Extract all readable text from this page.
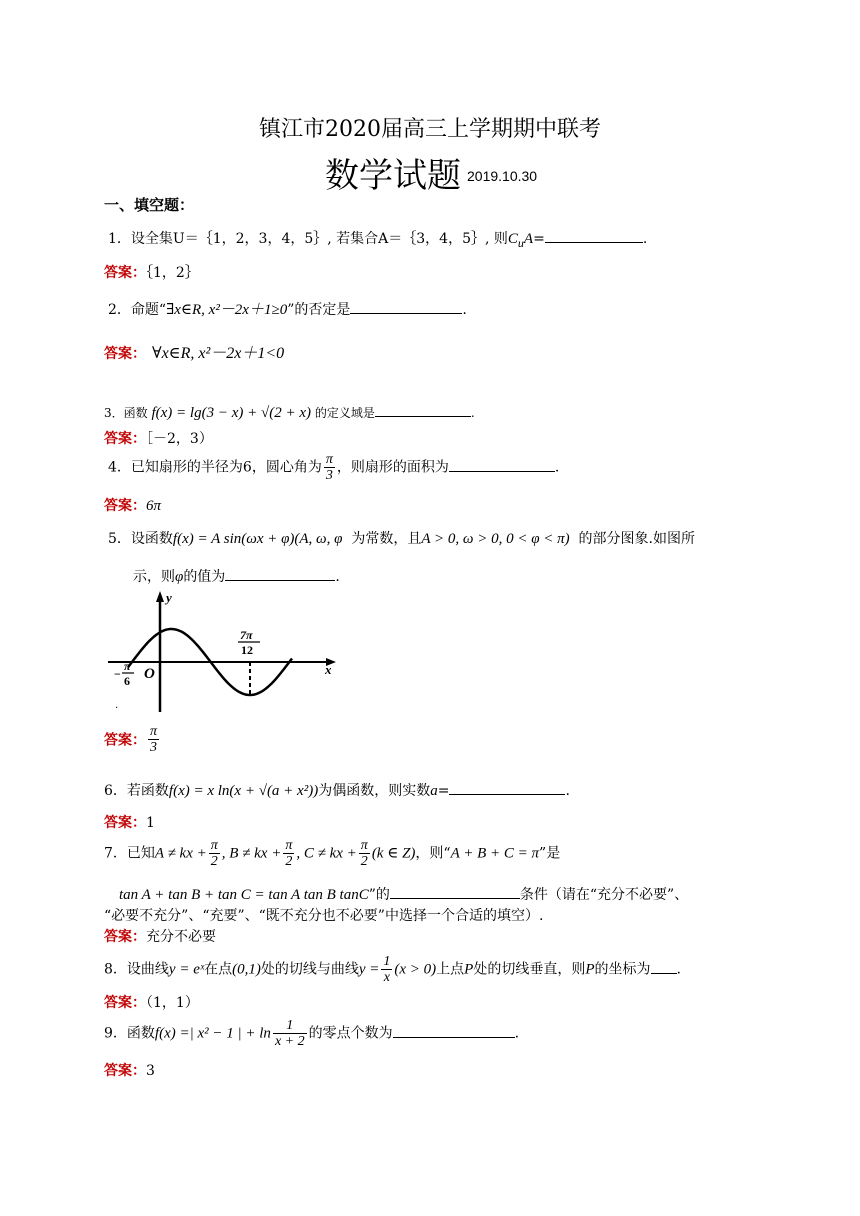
镇江市2020届高三上学期期中联考
数学试题 2019.10.30
一、填空题：
1．设全集U＝｛1，2，3，4，5｝, 若集合A＝｛3，4，5｝, 则$C_uA=$	.
答案：｛1，2｝
2．命题“∃x∈R, x²－2x＋1≥0”的否定是	.
答案： ∀x∈R, x²－2x＋1<0
3．函数 f(x) = lg(3 − x) + √(2 + x) 的定义域是	.
答案：［－2，3）
4．已知扇形的半径为6，圆心角为 $\frac{\pi}{3}$ ，则扇形的面积为	.
答案：6π
5．设函数f(x) = A sin(ωx + φ)(A, ω, φ 为常数，且A > 0, ω > 0, 0 < φ < π) 的部分图象.如图所
示，则φ的值为	.
y
x
O
−
π
6
7π
12
.
答案： $\frac{\pi}{3}$
6．若函数f(x) = x ln(x + √(a + x²))为偶函数，则实数a=	.
答案：1
7．已知A ≠ kx + $\frac{\pi}{2}$ , B ≠ kx + $\frac{\pi}{2}$ , C ≠ kx + $\frac{\pi}{2} (k$ ∈ Z)，则“A + B + C = π”是
tan A + tan B + tan C = tan A tan B tanC”的	条件（请在“充分不必要”、
“必要不充分”、“充要”、“既不充分也不必要”中选择一个合适的填空）.
答案：充分不必要
8．设曲线y = eˣ在点(0,1)处的切线与曲线$y = \frac{1}{x} (x > 0)$上点P处的切线垂直，则P的坐标为 .
答案：（1，1）
9．函数f(x) =| x² − 1 | + $\ln \frac{1}{x + 2}$ 的零点个数为	.
答案：3
